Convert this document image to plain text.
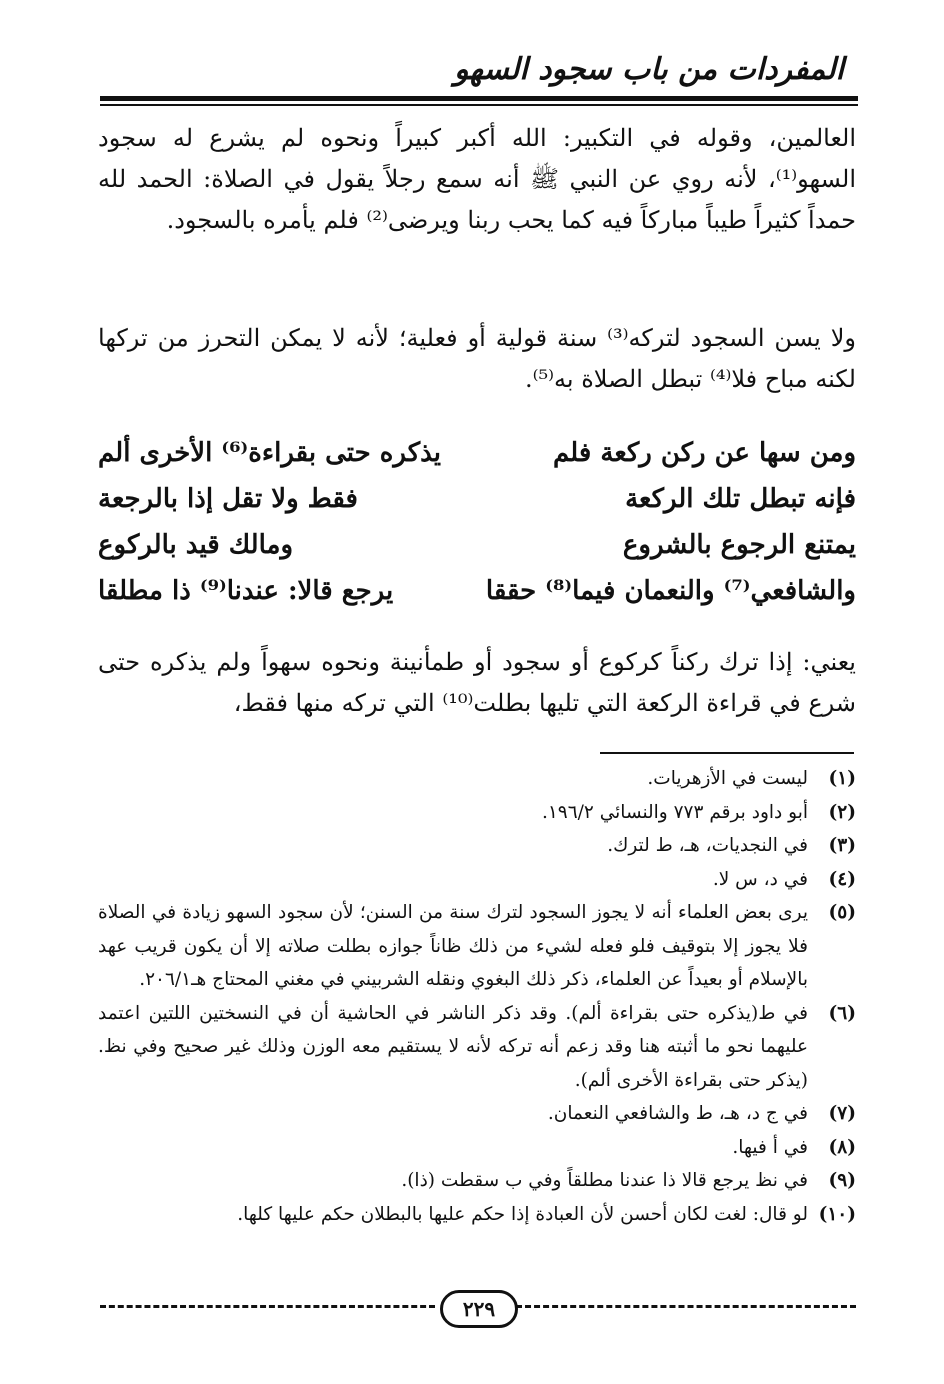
المفردات من باب سجود السهو
العالمين، وقوله في التكبير: الله أكبر كبيراً ونحوه لم يشرع له سجود السهو⁽¹⁾، لأنه روي عن النبي ﷺ أنه سمع رجلاً يقول في الصلاة: الحمد لله حمداً كثيراً طيباً مباركاً فيه كما يحب ربنا ويرضى⁽²⁾ فلم يأمره بالسجود.
ولا يسن السجود لتركه⁽³⁾ سنة قولية أو فعلية؛ لأنه لا يمكن التحرز من تركها لكنه مباح فلا⁽⁴⁾ تبطل الصلاة به⁽⁵⁾.
ومن سها عن ركن ركعة فلم
يذكره حتى بقراءة⁽⁶⁾ الأخرى ألم
فإنه تبطل تلك الركعة
فقط ولا تقل إذا بالرجعة
يمتنع الرجوع بالشروع
ومالك قيد بالركوع
والشافعي⁽⁷⁾ والنعمان فيما⁽⁸⁾ حققا
يرجع قالا: عندنا⁽⁹⁾ ذا مطلقا
يعني: إذا ترك ركناً كركوع أو سجود أو طمأنينة ونحوه سهواً ولم يذكره حتى شرع في قراءة الركعة التي تليها بطلت⁽¹⁰⁾ التي تركه منها فقط،
(١)
ليست في الأزهريات.
(٢)
أبو داود برقم ٧٧٣ والنسائي ١٩٦/٢.
(٣)
في النجديات، هـ، ط لترك.
(٤)
في د، س لا.
(٥)
يرى بعض العلماء أنه لا يجوز السجود لترك سنة من السنن؛ لأن سجود السهو زيادة في الصلاة فلا يجوز إلا بتوقيف فلو فعله لشيء من ذلك ظاناً جوازه بطلت صلاته إلا أن يكون قريب عهد بالإسلام أو بعيداً عن العلماء، ذكر ذلك البغوي ونقله الشربيني في مغني المحتاج هـ٢٠٦/١.
(٦)
في ط(يذكره حتى بقراءة ألم). وقد ذكر الناشر في الحاشية أن في النسختين اللتين اعتمد عليهما نحو ما أثبته هنا وقد زعم أنه تركه لأنه لا يستقيم معه الوزن وذلك غير صحيح وفي نظ. (يذكر حتى بقراءة الأخرى ألم).
(٧)
في ج د، هـ، ط والشافعي النعمان.
(٨)
في أ فيها.
(٩)
في نظ يرجع قالا ذا عندنا مطلقاً وفي ب سقطت (ذا).
(١٠)
لو قال: لغت لكان أحسن لأن العبادة إذا حكم عليها بالبطلان حكم عليها كلها.
٢٢٩
